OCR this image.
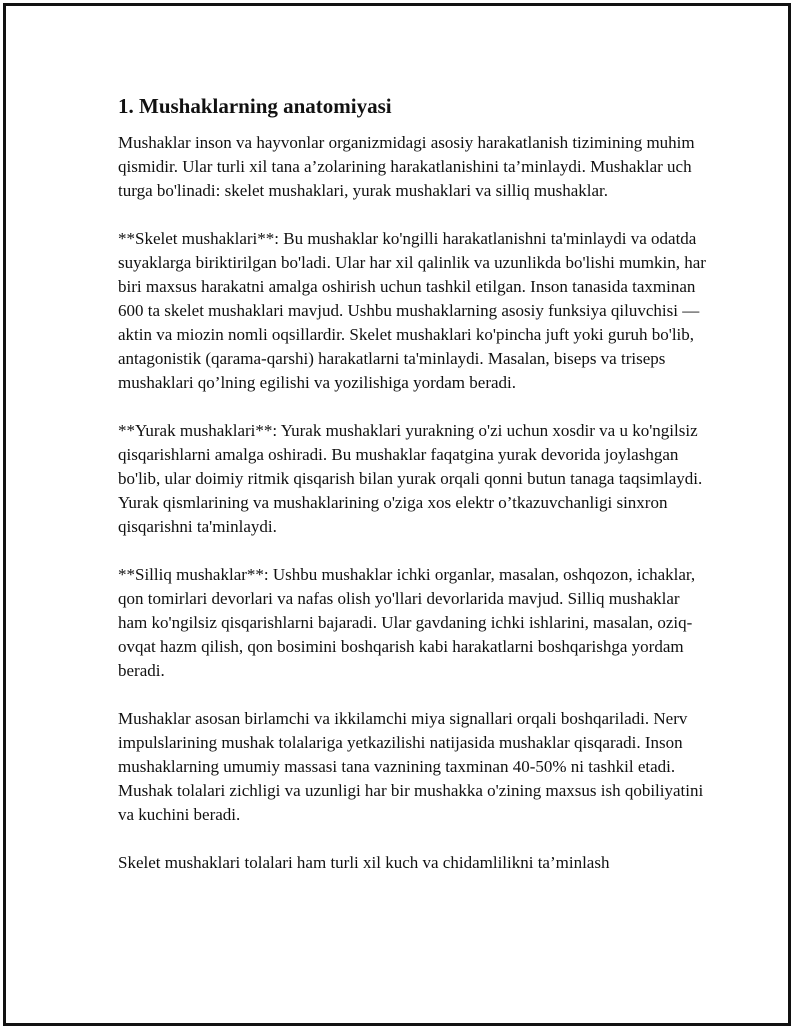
1. Mushaklarning anatomiyasi

Mushaklar inson va hayvonlar organizmidagi asosiy harakatlanish tizimining muhim qismidir. Ular turli xil tana a’zolarining harakatlanishini ta’minlaydi. Mushaklar uch turga bo'linadi: skelet mushaklari, yurak mushaklari va silliq mushaklar.

**Skelet mushaklari**: Bu mushaklar ko'ngilli harakatlanishni ta'minlaydi va odatda suyaklarga biriktirilgan bo'ladi. Ular har xil qalinlik va uzunlikda bo'lishi mumkin, har biri maxsus harakatni amalga oshirish uchun tashkil etilgan. Inson tanasida taxminan 600 ta skelet mushaklari mavjud. Ushbu mushaklarning asosiy funksiya qiluvchisi — aktin va miozin nomli oqsillardir. Skelet mushaklari ko'pincha juft yoki guruh bo'lib, antagonistik (qarama-qarshi) harakatlarni ta'minlaydi. Masalan, biseps va triseps mushaklari qo’lning egilishi va yozilishiga yordam beradi.

**Yurak mushaklari**: Yurak mushaklari yurakning o'zi uchun xosdir va u ko'ngilsiz qisqarishlarni amalga oshiradi. Bu mushaklar faqatgina yurak devorida joylashgan bo'lib, ular doimiy ritmik qisqarish bilan yurak orqali qonni butun tanaga taqsimlaydi. Yurak qismlarining va mushaklarining o'ziga xos elektr o’tkazuvchanligi sinxron qisqarishni ta'minlaydi.

**Silliq mushaklar**: Ushbu mushaklar ichki organlar, masalan, oshqozon, ichaklar, qon tomirlari devorlari va nafas olish yo'llari devorlarida mavjud. Silliq mushaklar ham ko'ngilsiz qisqarishlarni bajaradi. Ular gavdaning ichki ishlarini, masalan, oziq-ovqat hazm qilish, qon bosimini boshqarish kabi harakatlarni boshqarishga yordam beradi.

Mushaklar asosan birlamchi va ikkilamchi miya signallari orqali boshqariladi. Nerv impulslarining mushak tolalariga yetkazilishi natijasida mushaklar qisqaradi. Inson mushaklarning umumiy massasi tana vaznining taxminan 40-50% ni tashkil etadi. Mushak tolalari zichligi va uzunligi har bir mushakka o'zining maxsus ish qobiliyatini va kuchini beradi.

Skelet mushaklari tolalari ham turli xil kuch va chidamlilikni ta’minlash
